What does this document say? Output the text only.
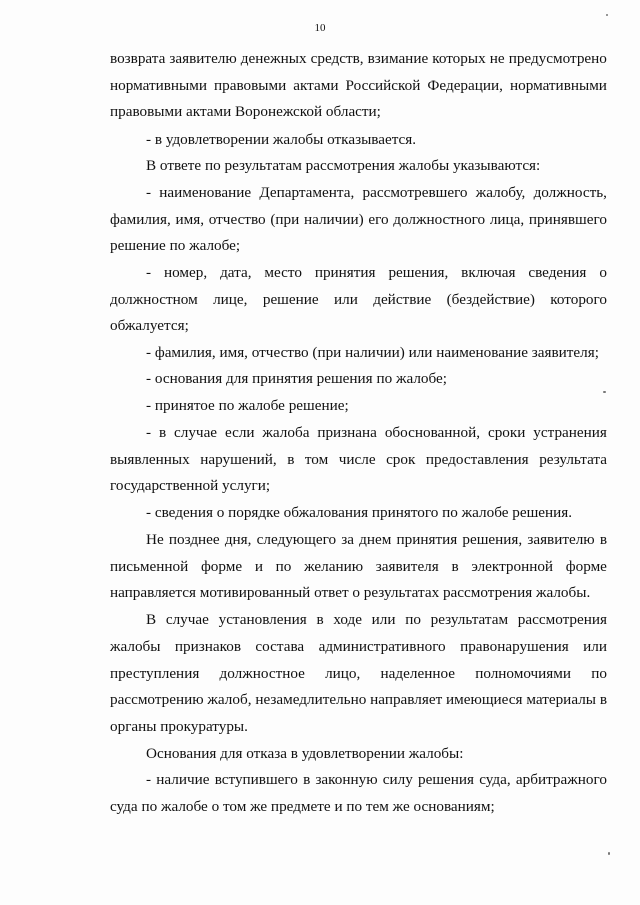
10
возврата заявителю денежных средств, взимание которых не предусмотрено
нормативными правовыми актами Российской Федерации, нормативными
правовыми актами Воронежской области;
- в удовлетворении жалобы отказывается.
В ответе по результатам рассмотрения жалобы указываются:
- наименование Департамента, рассмотревшего жалобу, должность,
фамилия, имя, отчество (при наличии) его должностного лица, принявшего
решение по жалобе;
- номер, дата, место принятия решения, включая сведения о
должностном лице, решение или действие (бездействие) которого
обжалуется;
- фамилия, имя, отчество (при наличии) или наименование заявителя;
- основания для принятия решения по жалобе;
- принятое по жалобе решение;
- в случае если жалоба признана обоснованной, сроки устранения
выявленных нарушений, в том числе срок предоставления результата
государственной услуги;
- сведения о порядке обжалования принятого по жалобе решения.
Не позднее дня, следующего за днем принятия решения, заявителю в
письменной форме и по желанию заявителя в электронной форме
направляется мотивированный ответ о результатах рассмотрения жалобы.
В случае установления в ходе или по результатам рассмотрения
жалобы признаков состава административного правонарушения или
преступления должностное лицо, наделенное полномочиями по
рассмотрению жалоб, незамедлительно направляет имеющиеся материалы в
органы прокуратуры.
Основания для отказа в удовлетворении жалобы:
- наличие вступившего в законную силу решения суда, арбитражного
суда по жалобе о том же предмете и по тем же основаниям;
